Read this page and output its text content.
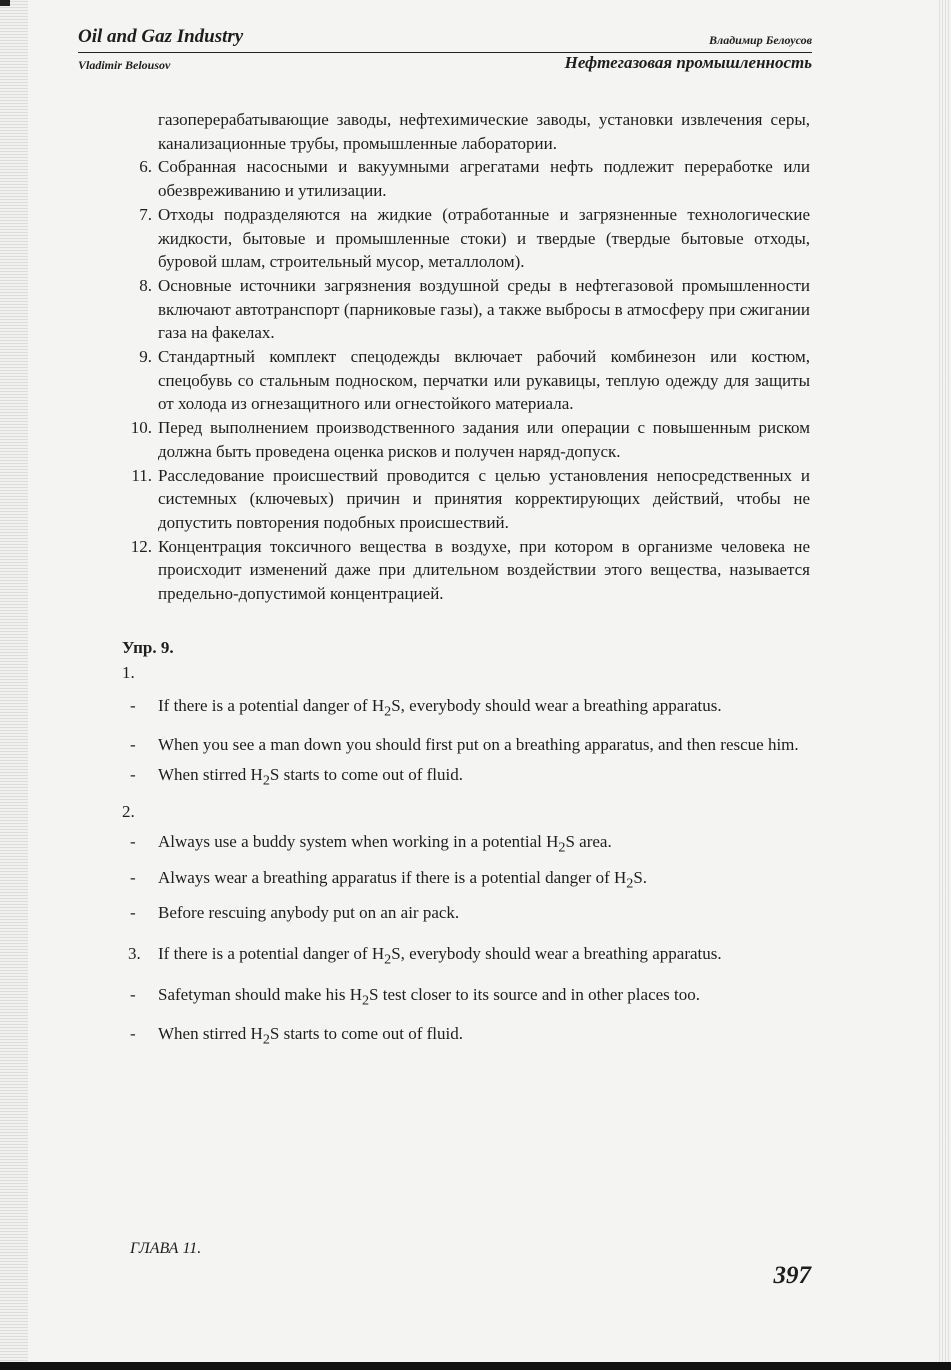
Oil and Gaz Industry	Владимир Белоусов
Vladimir Belousov	Нефтегазовая промышленность
газоперерабатывающие заводы, нефтехимические заводы, установки извлечения серы, канализационные трубы, промышленные лаборатории.
6. Собранная насосными и вакуумными агрегатами нефть подлежит переработке или обезвреживанию и утилизации.
7. Отходы подразделяются на жидкие (отработанные и загрязненные технологические жидкости, бытовые и промышленные стоки) и твердые (твердые бытовые отходы, буровой шлам, строительный мусор, металлолом).
8. Основные источники загрязнения воздушной среды в нефтегазовой промышленности включают автотранспорт (парниковые газы), а также выбросы в атмосферу при сжигании газа на факелах.
9. Стандартный комплект спецодежды включает рабочий комбинезон или костюм, спецобувь со стальным подноском, перчатки или рукавицы, теплую одежду для защиты от холода из огнезащитного или огнестойкого материала.
10. Перед выполнением производственного задания или операции с повышенным риском должна быть проведена оценка рисков и получен наряд-допуск.
11. Расследование происшествий проводится с целью установления непосредственных и системных (ключевых) причин и принятия корректирующих действий, чтобы не допустить повторения подобных происшествий.
12. Концентрация токсичного вещества в воздухе, при котором в организме человека не происходит изменений даже при длительном воздействии этого вещества, называется предельно-допустимой концентрацией.
Упр. 9.
1.
- If there is a potential danger of $H_2S$, everybody should wear a breathing apparatus.
- When you see a man down you should first put on a breathing apparatus, and then rescue him.
- When stirred $H_2S$ starts to come out of fluid.
2.
- Always use a buddy system when working in a potential $H_2S$ area.
- Always wear a breathing apparatus if there is a potential danger of $H_2S$.
- Before rescuing anybody put on an air pack.
3. If there is a potential danger of $H_2S$, everybody should wear a breathing apparatus.
- Safetyman should make his $H_2S$ test closer to its source and in other places too.
- When stirred $H_2S$ starts to come out of fluid.
ГЛАВА 11.
397
